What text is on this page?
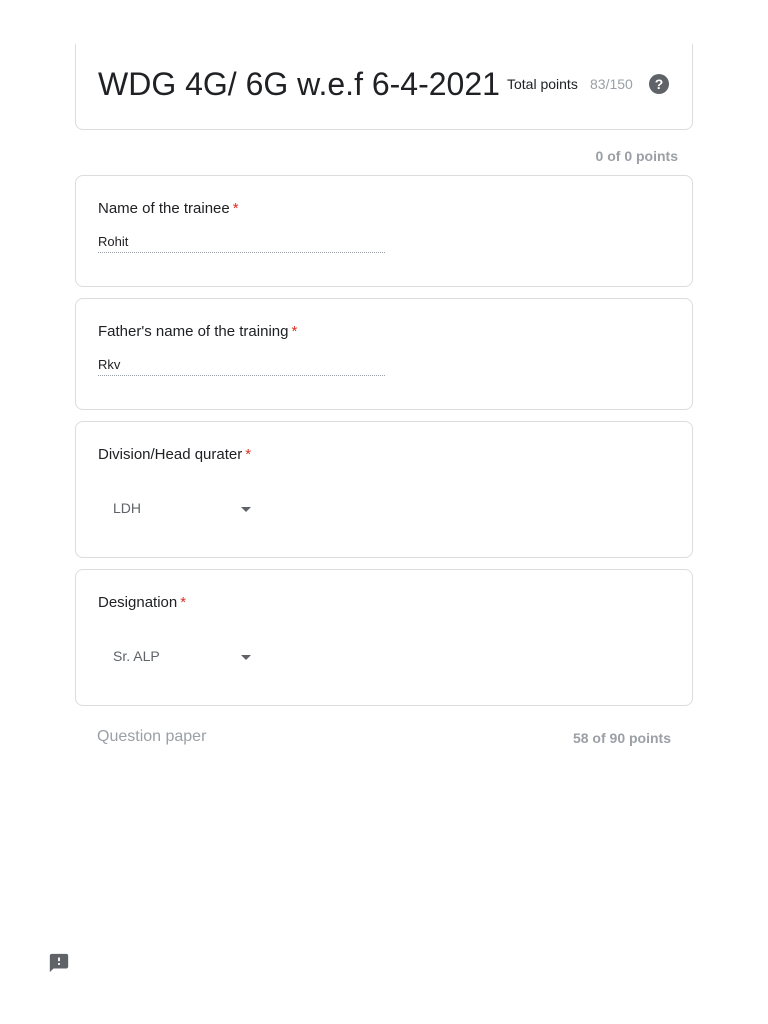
WDG 4G/ 6G w.e.f 6-4-2021 Total points 83/150	?
0 of 0 points
Name of the trainee *
Rohit
Father's name of the training *
Rkv
Division/Head qurater *
LDH
Designation *
Sr. ALP
Question paper	58 of 90 points
